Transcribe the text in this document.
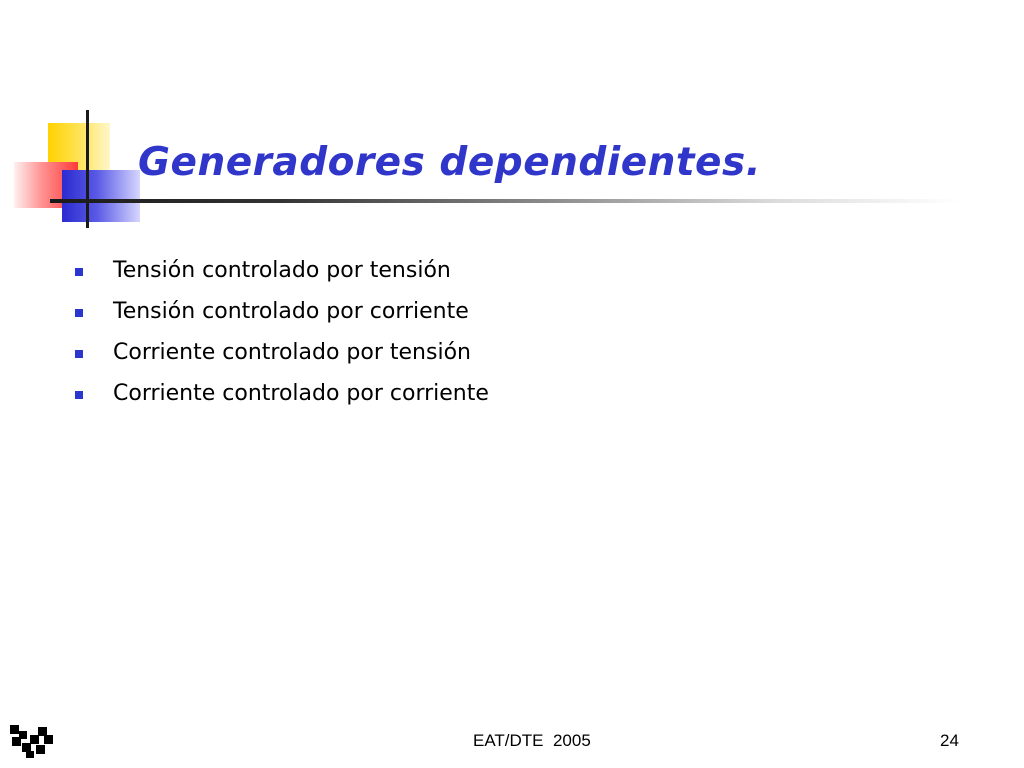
Generadores dependientes.
Tensión controlado por tensión
Tensión controlado por corriente
Corriente controlado por tensión
Corriente controlado por corriente
EAT/DTE  2005	24
